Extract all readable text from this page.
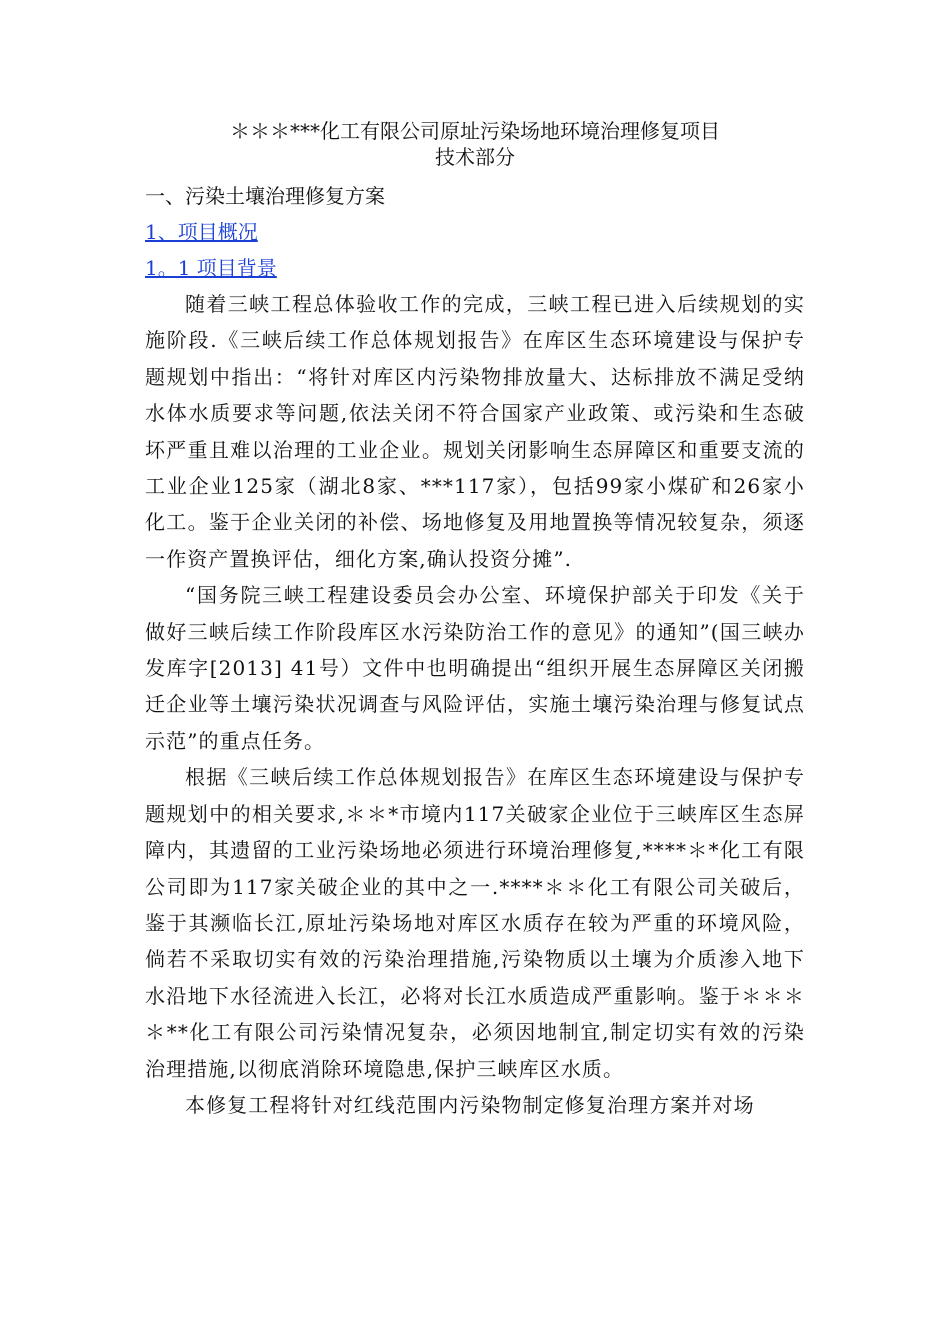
＊＊＊***化工有限公司原址污染场地环境治理修复项目

技术部分

一、污染土壤治理修复方案

1、项目概况
1。1 项目背景

随着三峡工程总体验收工作的完成，三峡工程已进入后续规划的实施阶段.《三峡后续工作总体规划报告》在库区生态环境建设与保护专题规划中指出：“将针对库区内污染物排放量大、达标排放不满足受纳水体水质要求等问题,依法关闭不符合国家产业政策、或污染和生态破坏严重且难以治理的工业企业。规划关闭影响生态屏障区和重要支流的工业企业125家（湖北8家、***117家），包括99家小煤矿和26家小化工。鉴于企业关闭的补偿、场地修复及用地置换等情况较复杂，须逐一作资产置换评估，细化方案,确认投资分摊”.

“国务院三峡工程建设委员会办公室、环境保护部关于印发《关于做好三峡后续工作阶段库区水污染防治工作的意见》的通知”(国三峡办发库字[2013] 41号）文件中也明确提出“组织开展生态屏障区关闭搬迁企业等土壤污染状况调查与风险评估，实施土壤污染治理与修复试点示范”的重点任务。

根据《三峡后续工作总体规划报告》在库区生态环境建设与保护专题规划中的相关要求,＊＊*市境内117关破家企业位于三峡库区生态屏障内，其遗留的工业污染场地必须进行环境治理修复,****＊*化工有限公司即为117家关破企业的其中之一.****＊＊化工有限公司关破后，鉴于其濒临长江,原址污染场地对库区水质存在较为严重的环境风险，倘若不采取切实有效的污染治理措施,污染物质以土壤为介质渗入地下水沿地下水径流进入长江，必将对长江水质造成严重影响。鉴于＊＊＊＊**化工有限公司污染情况复杂，必须因地制宜,制定切实有效的污染治理措施,以彻底消除环境隐患,保护三峡库区水质。

本修复工程将针对红线范围内污染物制定修复治理方案并对场
